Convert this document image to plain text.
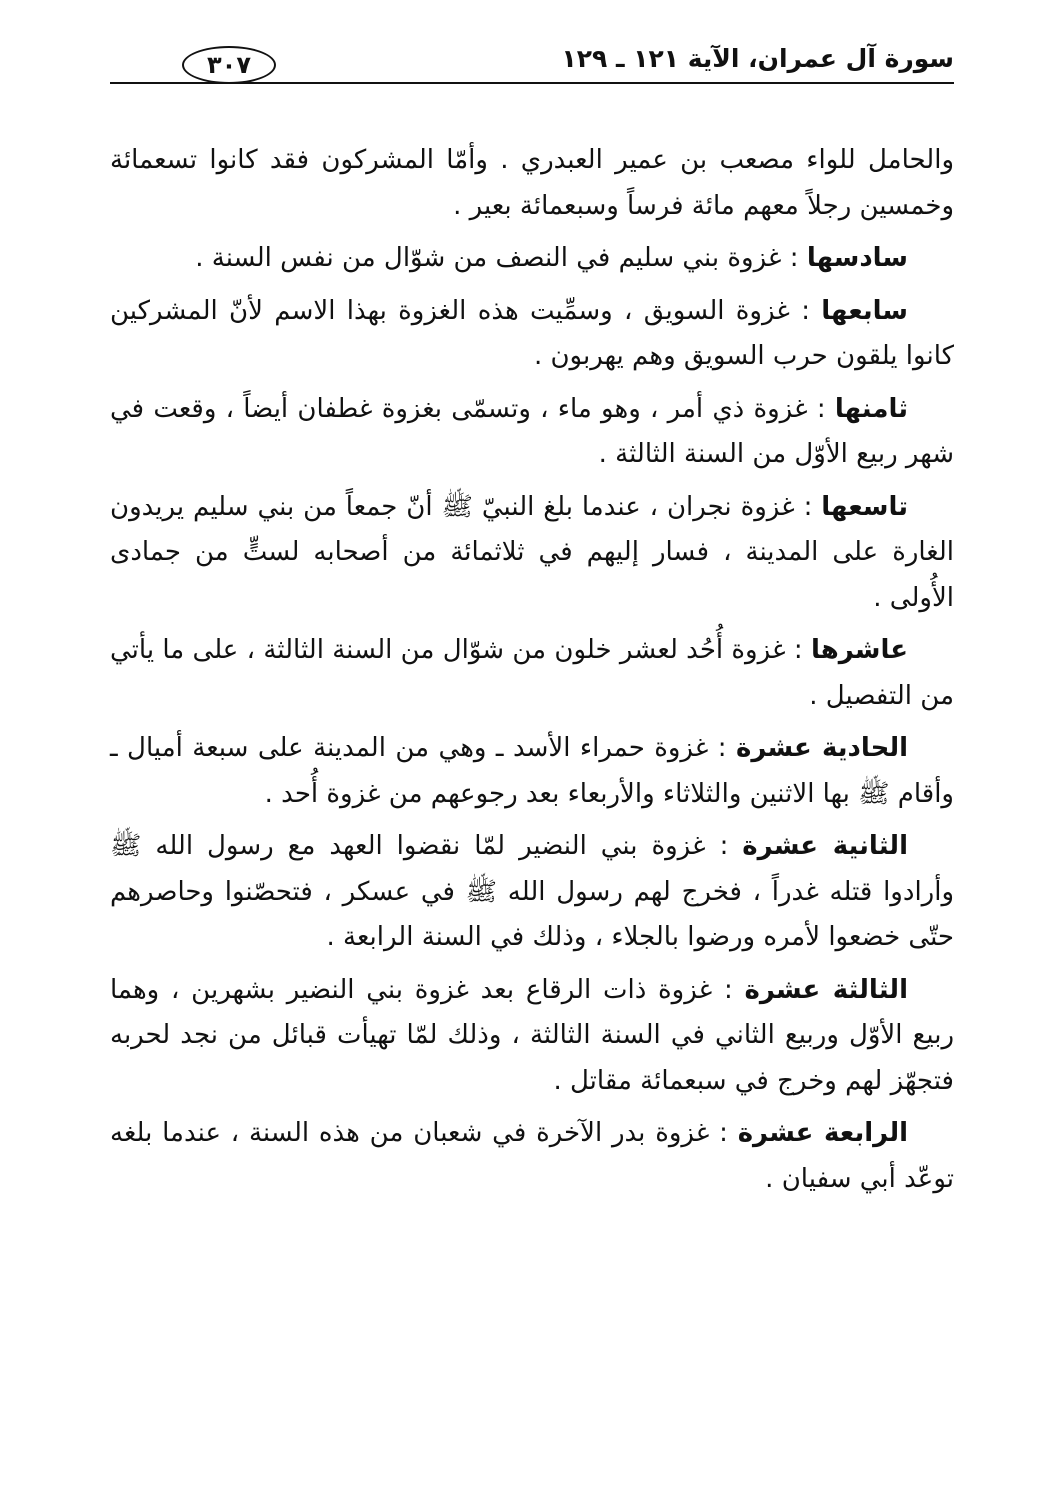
سورة آل عمران، الآية ١٢١ ـ ١٢٩
٣٠٧

والحامل للواء مصعب بن عمير العبدري . وأمّا المشركون فقد كانوا تسعمائة وخمسين رجلاً معهم مائة فرساً وسبعمائة بعير .

سادسها : غزوة بني سليم في النصف من شوّال من نفس السنة .

سابعها : غزوة السويق ، وسمِّيت هذه الغزوة بهذا الاسم لأنّ المشركين كانوا يلقون حرب السويق وهم يهربون .

ثامنها : غزوة ذي أمر ، وهو ماء ، وتسمّى بغزوة غطفان أيضاً ، وقعت في شهر ربيع الأوّل من السنة الثالثة .

تاسعها : غزوة نجران ، عندما بلغ النبيّ ﷺ أنّ جمعاً من بني سليم يريدون الغارة على المدينة ، فسار إليهم في ثلاثمائة من أصحابه لستٍّ من جمادى الأُولى .

عاشرها : غزوة أُحُد لعشر خلون من شوّال من السنة الثالثة ، على ما يأتي من التفصيل .

الحادية عشرة : غزوة حمراء الأسد ـ وهي من المدينة على سبعة أميال ـ وأقام ﷺ بها الاثنين والثلاثاء والأربعاء بعد رجوعهم من غزوة أُحد .

الثانية عشرة : غزوة بني النضير لمّا نقضوا العهد مع رسول الله ﷺ وأرادوا قتله غدراً ، فخرج لهم رسول الله ﷺ في عسكر ، فتحصّنوا وحاصرهم حتّى خضعوا لأمره ورضوا بالجلاء ، وذلك في السنة الرابعة .

الثالثة عشرة : غزوة ذات الرقاع بعد غزوة بني النضير بشهرين ، وهما ربيع الأوّل وربيع الثاني في السنة الثالثة ، وذلك لمّا تهيأت قبائل من نجد لحربه فتجهّز لهم وخرج في سبعمائة مقاتل .

الرابعة عشرة : غزوة بدر الآخرة في شعبان من هذه السنة ، عندما بلغه توعّد أبي سفيان .
